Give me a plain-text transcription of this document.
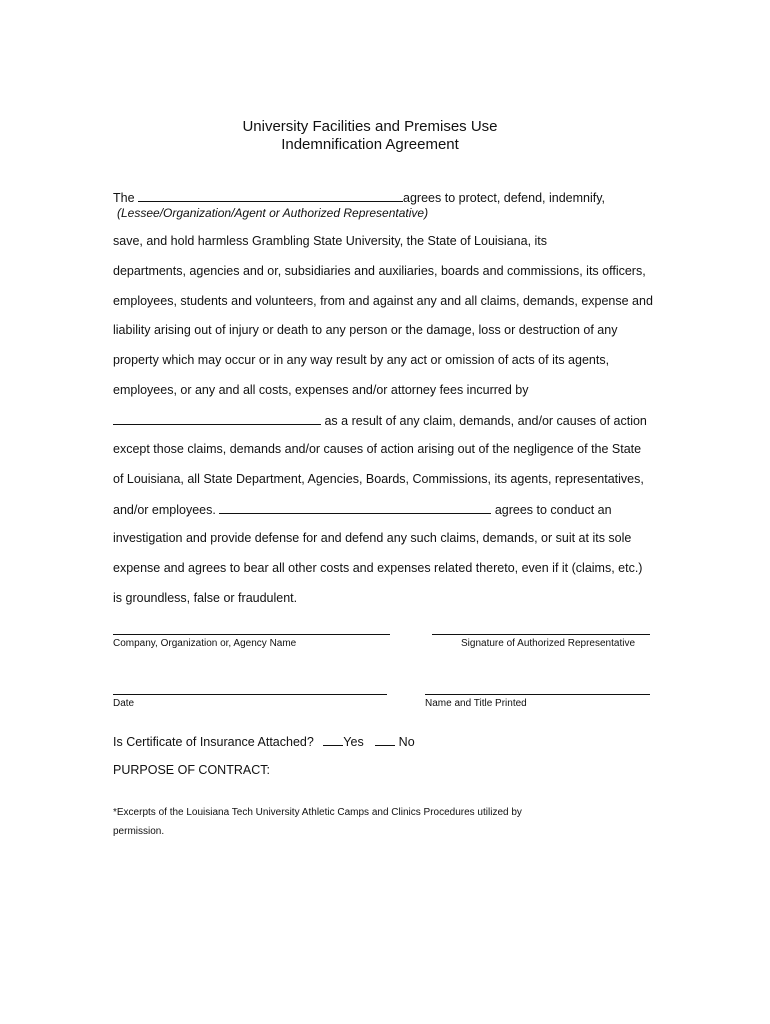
University Facilities and Premises Use
Indemnification Agreement
The	agrees to protect, defend, indemnify,
(Lessee/Organization/Agent or Authorized Representative)
save, and hold harmless Grambling State University, the State of Louisiana, its
departments, agencies and or, subsidiaries and auxiliaries, boards and commissions, its officers,
employees, students and volunteers, from and against any and all claims, demands, expense and
liability arising out of injury or death to any person or the damage, loss or destruction of any
property which may occur or in any way result by any act or omission of acts of its agents,
employees, or any and all costs, expenses and/or attorney fees incurred by
as a result of any claim, demands, and/or causes of action
except those claims, demands and/or causes of action arising out of the negligence of the State
of Louisiana, all State Department, Agencies, Boards, Commissions, its agents, representatives,
and/or employees.	agrees to conduct an
investigation and provide defense for and defend any such claims, demands, or suit at its sole
expense and agrees to bear all other costs and expenses related thereto, even if it (claims, etc.)
is groundless, false or fraudulent.
Company, Organization or, Agency Name	Signature of Authorized Representative
Date	Name and Title Printed
Is Certificate of Insurance Attached? Yes	No
PURPOSE OF CONTRACT:
*Excerpts of the Louisiana Tech University Athletic Camps and Clinics Procedures utilized by
permission.
